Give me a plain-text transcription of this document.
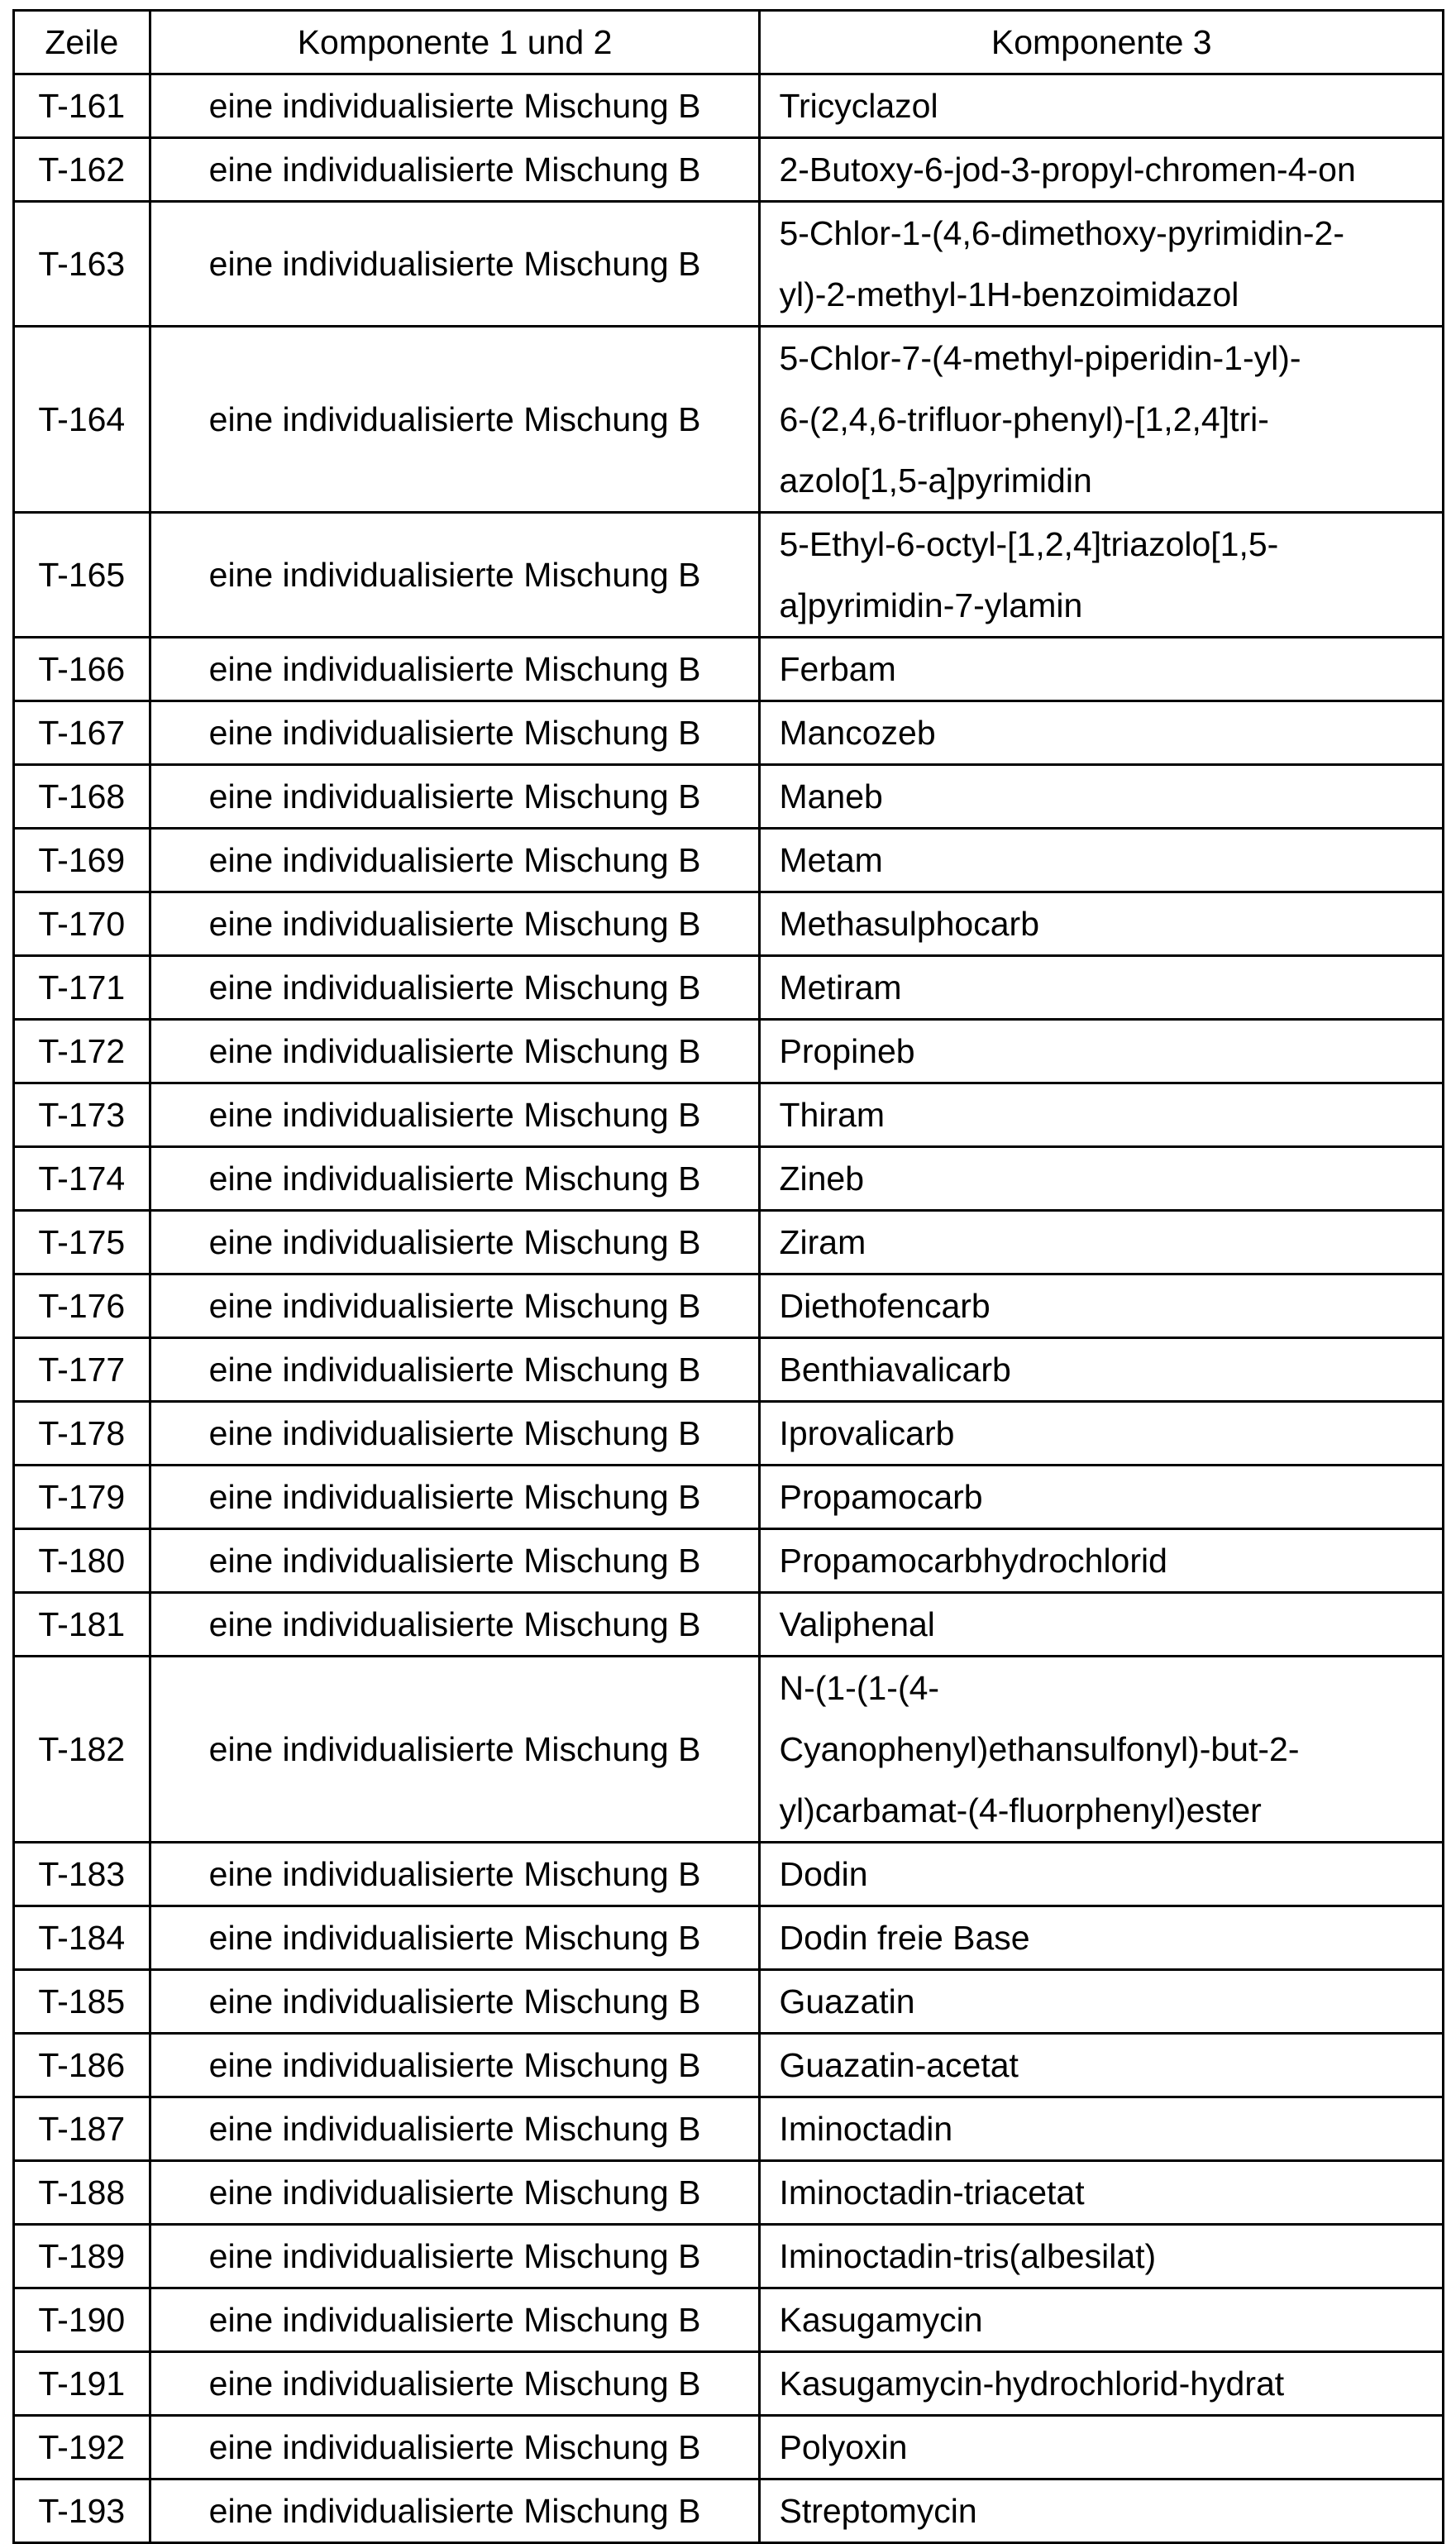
Zeile	Komponente 1 und 2	Komponente 3
T-161	eine individualisierte Mischung B	Tricyclazol

T-162	eine individualisierte Mischung B	2-Butoxy-6-jod-3-propyl-chromen-4-on

T-163	eine individualisierte Mischung B	
5-Chlor-1-(4,6-dimethoxy-pyrimidin-2-
yl)-2-methyl-1H-benzoimidazol

T-164	eine individualisierte Mischung B	
5-Chlor-7-(4-methyl-piperidin-1-yl)-
6-(2,4,6-trifluor-phenyl)-[1,2,4]tri-
azolo[1,5-a]pyrimidin

T-165	eine individualisierte Mischung B	
5-Ethyl-6-octyl-[1,2,4]triazolo[1,5-
a]pyrimidin-7-ylamin

T-166	eine individualisierte Mischung B	Ferbam

T-167	eine individualisierte Mischung B	Mancozeb

T-168	eine individualisierte Mischung B	Maneb

T-169	eine individualisierte Mischung B	Metam

T-170	eine individualisierte Mischung B	Methasulphocarb

T-171	eine individualisierte Mischung B	Metiram

T-172	eine individualisierte Mischung B	Propineb

T-173	eine individualisierte Mischung B	Thiram

T-174	eine individualisierte Mischung B	Zineb

T-175	eine individualisierte Mischung B	Ziram

T-176	eine individualisierte Mischung B	Diethofencarb

T-177	eine individualisierte Mischung B	Benthiavalicarb

T-178	eine individualisierte Mischung B	Iprovalicarb

T-179	eine individualisierte Mischung B	Propamocarb

T-180	eine individualisierte Mischung B	Propamocarbhydrochlorid

T-181	eine individualisierte Mischung B	Valiphenal

T-182	eine individualisierte Mischung B	
N-(1-(1-(4-
Cyanophenyl)ethansulfonyl)-but-2-
yl)carbamat-(4-fluorphenyl)ester

T-183	eine individualisierte Mischung B	Dodin

T-184	eine individualisierte Mischung B	Dodin freie Base

T-185	eine individualisierte Mischung B	Guazatin

T-186	eine individualisierte Mischung B	Guazatin-acetat

T-187	eine individualisierte Mischung B	Iminoctadin

T-188	eine individualisierte Mischung B	Iminoctadin-triacetat

T-189	eine individualisierte Mischung B	Iminoctadin-tris(albesilat)

T-190	eine individualisierte Mischung B	Kasugamycin

T-191	eine individualisierte Mischung B	Kasugamycin-hydrochlorid-hydrat

T-192	eine individualisierte Mischung B	Polyoxin

T-193	eine individualisierte Mischung B	Streptomycin
